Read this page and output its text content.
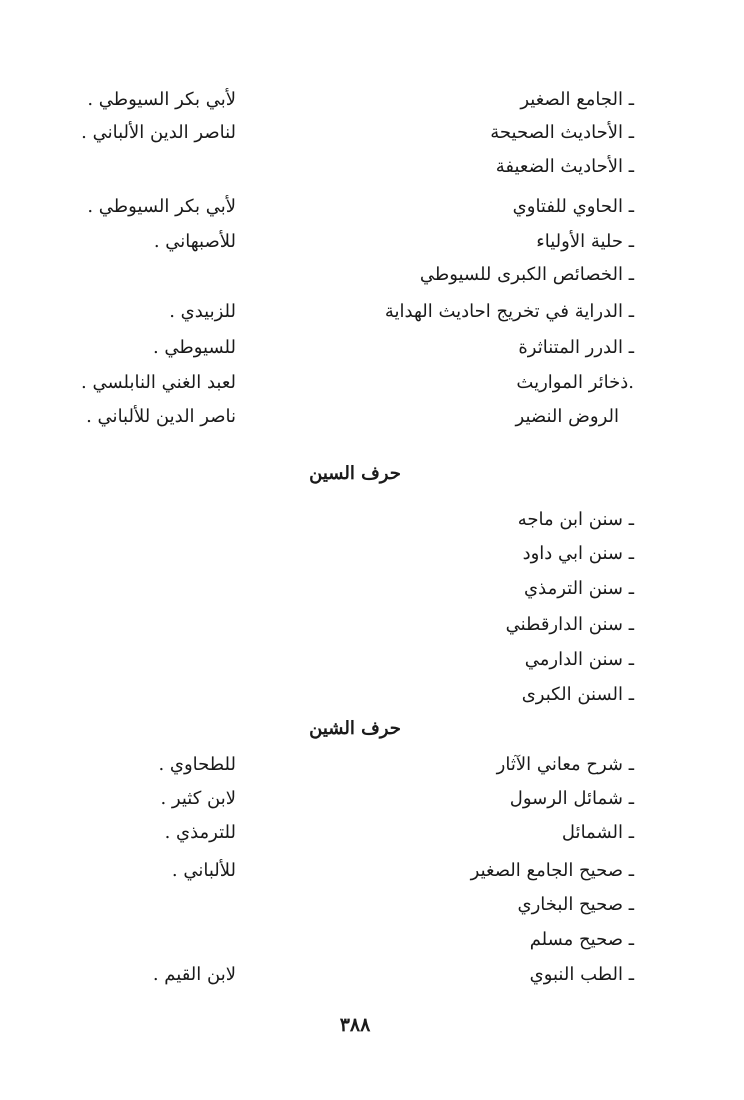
ـ الجامع الصغير
لأبي بكر السيوطي .
ـ الأحاديث الصحيحة
لناصر الدين الألباني .
ـ الأحاديث الضعيفة
ـ الحاوي للفتاوي
لأبي بكر السيوطي .
ـ حلية الأولياء
للأصبهاني .
ـ الخصائص الكبرى للسيوطي
ـ الدراية في تخريج احاديث الهداية
للزبيدي .
ـ الدرر المتناثرة
للسيوطي .
.ذخائر المواريث
لعبد الغني النابلسي .
الروض النضير
ناصر الدين للألباني .
حرف السين
ـ سنن ابن ماجه
ـ سنن ابي داود
ـ سنن الترمذي
ـ سنن الدارقطني
ـ سنن الدارمي
ـ السنن الكبرى
حرف الشين
ـ شرح معاني الآثار
للطحاوي .
ـ شمائل الرسول
لابن كثير .
ـ الشمائل
للترمذي .
ـ صحيح الجامع الصغير
للألباني .
ـ صحيح البخاري
ـ صحيح مسلم
ـ الطب النبوي
لابن القيم .
٣٨٨
